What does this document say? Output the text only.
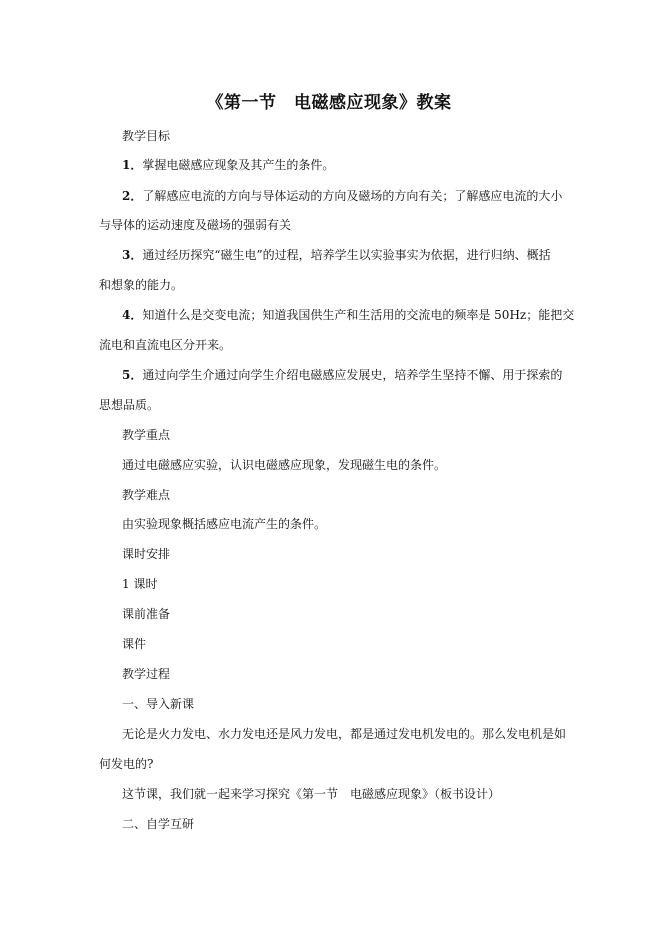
《第一节　电磁感应现象》教案
教学目标
1．掌握电磁感应现象及其产生的条件。
2．了解感应电流的方向与导体运动的方向及磁场的方向有关；了解感应电流的大小
与导体的运动速度及磁场的强弱有关
3．通过经历探究“磁生电”的过程，培养学生以实验事实为依据，进行归纳、概括
和想象的能力。
4．知道什么是交变电流；知道我国供生产和生活用的交流电的频率是 50Hz；能把交
流电和直流电区分开来。
5．通过向学生介通过向学生介绍电磁感应发展史，培养学生坚持不懈、用于探索的
思想品质。
教学重点
通过电磁感应实验，认识电磁感应现象，发现磁生电的条件。
教学难点
由实验现象概括感应电流产生的条件。
课时安排
1 课时
课前准备
课件
教学过程
一、导入新课
无论是火力发电、水力发电还是风力发电，都是通过发电机发电的。那么发电机是如
何发电的?
这节课，我们就一起来学习探究《第一节　电磁感应现象》（板书设计）
二、自学互研
